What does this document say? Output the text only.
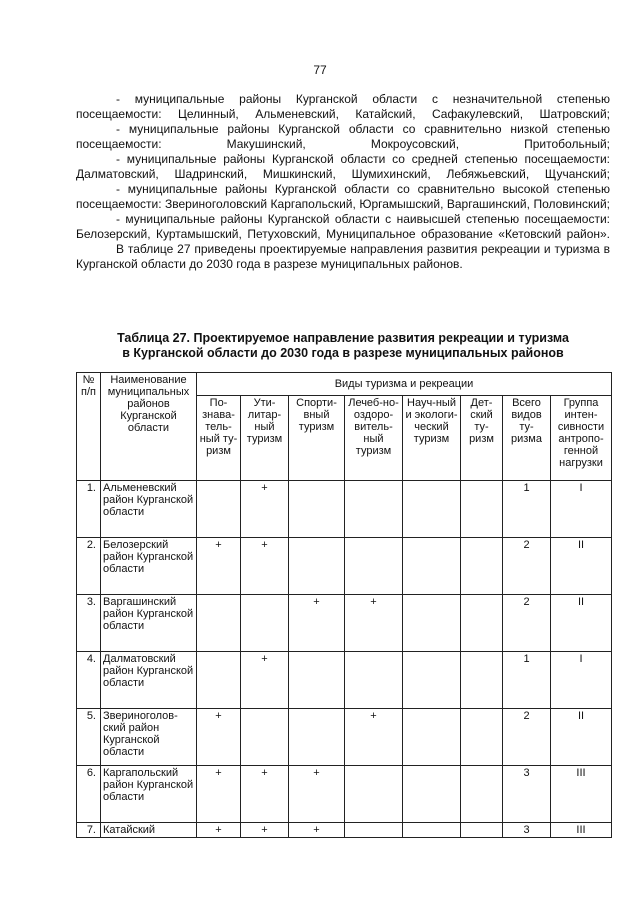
77

- муниципальные районы Курганской области с незначительной степенью посещаемости: Целинный, Альменевский, Катайский, Сафакулевский, Шатровский;

- муниципальные районы Курганской области со сравнительно низкой степенью посещаемости: Макушинский, Мокроусовский, Притобольный;

- муниципальные районы Курганской области со средней степенью посещаемости: Далматовский, Шадринский, Мишкинский, Шумихинский, Лебяжьевский, Щучанский;

- муниципальные районы Курганской области со сравнительно высокой степенью посещаемости: Звериноголовский Каргапольский, Юргамышский, Варгашинский, Половинский;

- муниципальные районы Курганской области с наивысшей степенью посещаемости: Белозерский, Куртамышский, Петуховский, Муниципальное образование «Кетовский район».

В таблице 27 приведены проектируемые направления развития рекреации и туризма в Курганской области до 2030 года в разрезе муниципальных районов.

Таблица 27. Проектируемое направление развития рекреации и туризма
в Курганской области до 2030 года в разрезе муниципальных районов
№ п/п	Наименование муниципальных районов Курганской области	Виды туризма и рекреации							
		По-знава-тель-ный ту-ризм	Ути-литар-ный туризм	Спорти-вный туризм	Лечеб-но-оздоро-витель-ный туризм	Науч-ный и экологи-ческий туризм	Дет-ский ту-ризм	Всего видов ту-ризма	Группа интен-сивности антропо-генной нагрузки
1.	Альменевский район Курганской области		+					1	I
2.	Белозерский район Курганской области	+	+					2	II
3.	Варгашинский район Курганской области			+	+			2	II
4.	Далматовский район Курганской области		+					1	I
5.	Звериноголов-ский район Курганской области	+			+			2	II
6.	Каргапольский район Курганской области	+	+	+				3	III
7.	Катайский	+	+	+				3	III
